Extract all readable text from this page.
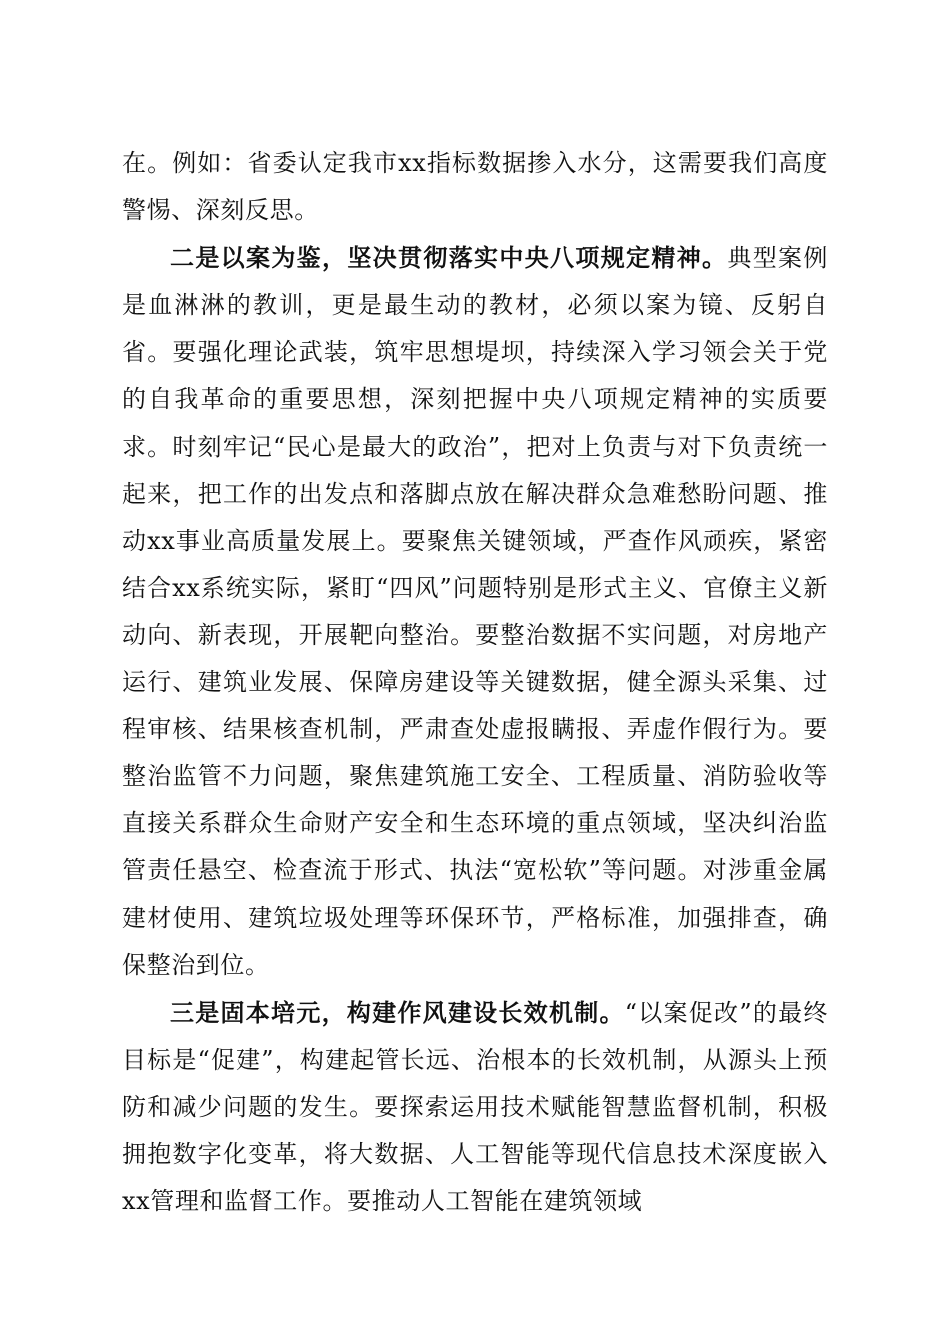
在。例如：省委认定我市xx指标数据掺入水分，这需要我们高度警惕、深刻反思。

二是以案为鉴，坚决贯彻落实中央八项规定精神。典型案例是血淋淋的教训，更是最生动的教材，必须以案为镜、反躬自省。要强化理论武装，筑牢思想堤坝，持续深入学习领会关于党的自我革命的重要思想，深刻把握中央八项规定精神的实质要求。时刻牢记“民心是最大的政治”，把对上负责与对下负责统一起来，把工作的出发点和落脚点放在解决群众急难愁盼问题、推动xx事业高质量发展上。要聚焦关键领域，严查作风顽疾，紧密结合xx系统实际，紧盯“四风”问题特别是形式主义、官僚主义新动向、新表现，开展靶向整治。要整治数据不实问题，对房地产运行、建筑业发展、保障房建设等关键数据，健全源头采集、过程审核、结果核查机制，严肃查处虚报瞒报、弄虚作假行为。要整治监管不力问题，聚焦建筑施工安全、工程质量、消防验收等直接关系群众生命财产安全和生态环境的重点领域，坚决纠治监管责任悬空、检查流于形式、执法“宽松软”等问题。对涉重金属建材使用、建筑垃圾处理等环保环节，严格标准，加强排查，确保整治到位。

三是固本培元，构建作风建设长效机制。“以案促改”的最终目标是“促建”，构建起管长远、治根本的长效机制，从源头上预防和减少问题的发生。要探索运用技术赋能智慧监督机制，积极拥抱数字化变革，将大数据、人工智能等现代信息技术深度嵌入xx管理和监督工作。要推动人工智能在建筑领域
